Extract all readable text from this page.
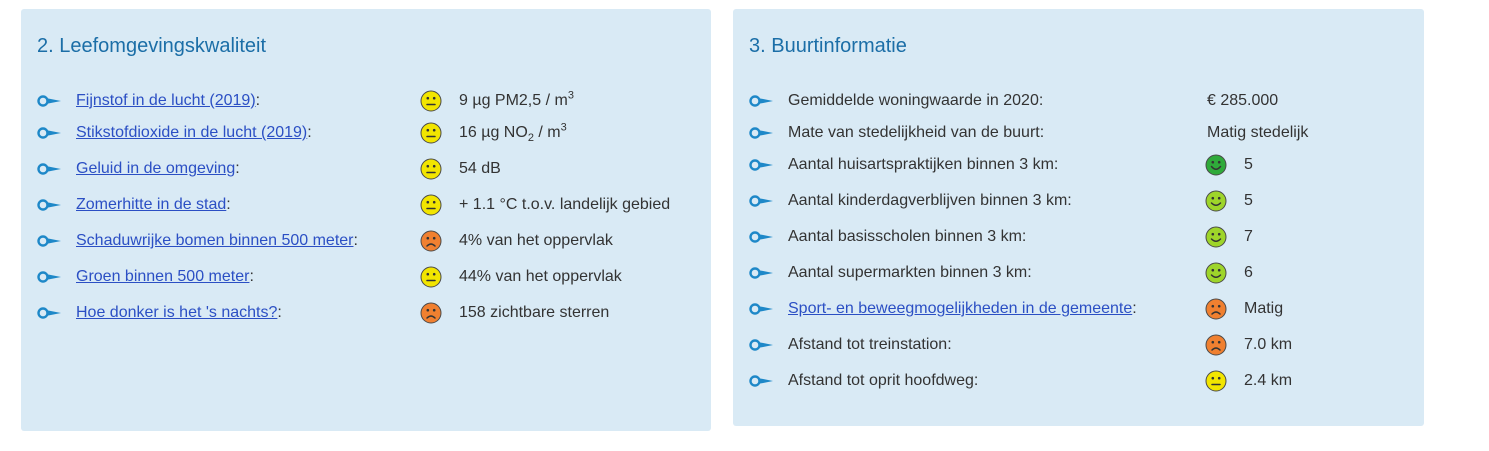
2. Leefomgevingskwaliteit
Fijnstof in de lucht (2019):	9 µg $PM2,5 / m^3$
Stikstofdioxide in de lucht (2019):	16 µg $NO_2 / m^3$
Geluid in de omgeving:	54 dB
Zomerhitte in de stad:	+ 1.1 °C t.o.v. landelijk gebied
Schaduwrijke bomen binnen 500 meter:	4% van het oppervlak
Groen binnen 500 meter:	44% van het oppervlak
Hoe donker is het 's nachts?:	158 zichtbare sterren
3. Buurtinformatie
Gemiddelde woningwaarde in 2020:	€ 285.000
Mate van stedelijkheid van de buurt:	Matig stedelijk
Aantal huisartspraktijken binnen 3 km:	5
Aantal kinderdagverblijven binnen 3 km:	5
Aantal basisscholen binnen 3 km:	7
Aantal supermarkten binnen 3 km:	6
Sport- en beweegmogelijkheden in de gemeente:	Matig
Afstand tot treinstation:	7.0 km
Afstand tot oprit hoofdweg:	2.4 km
